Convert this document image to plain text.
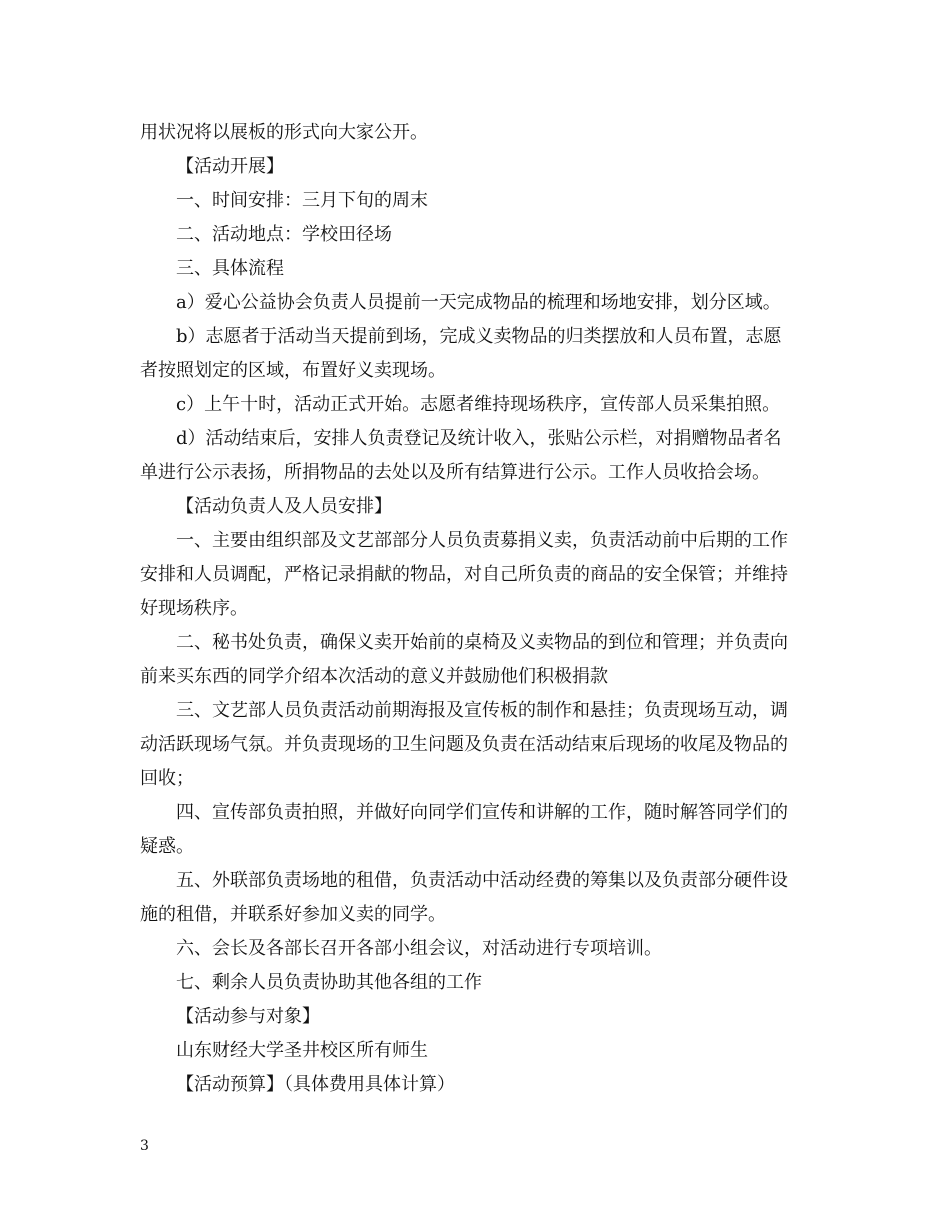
用状况将以展板的形式向大家公开。
【活动开展】
一、时间安排：三月下旬的周末
二、活动地点：学校田径场
三、具体流程
a）爱心公益协会负责人员提前一天完成物品的梳理和场地安排，划分区域。
b）志愿者于活动当天提前到场，完成义卖物品的归类摆放和人员布置，志愿
者按照划定的区域，布置好义卖现场。
c）上午十时，活动正式开始。志愿者维持现场秩序，宣传部人员采集拍照。
d）活动结束后，安排人负责登记及统计收入，张贴公示栏，对捐赠物品者名
单进行公示表扬，所捐物品的去处以及所有结算进行公示。工作人员收拾会场。
【活动负责人及人员安排】
一、主要由组织部及文艺部部分人员负责募捐义卖，负责活动前中后期的工作
安排和人员调配，严格记录捐献的物品，对自己所负责的商品的安全保管；并维持
好现场秩序。
二、秘书处负责，确保义卖开始前的桌椅及义卖物品的到位和管理；并负责向
前来买东西的同学介绍本次活动的意义并鼓励他们积极捐款
三、文艺部人员负责活动前期海报及宣传板的制作和悬挂；负责现场互动，调
动活跃现场气氛。并负责现场的卫生问题及负责在活动结束后现场的收尾及物品的
回收；
四、宣传部负责拍照，并做好向同学们宣传和讲解的工作，随时解答同学们的
疑惑。
五、外联部负责场地的租借，负责活动中活动经费的筹集以及负责部分硬件设
施的租借，并联系好参加义卖的同学。
六、会长及各部长召开各部小组会议，对活动进行专项培训。
七、剩余人员负责协助其他各组的工作
【活动参与对象】
山东财经大学圣井校区所有师生
【活动预算】（具体费用具体计算）
3
